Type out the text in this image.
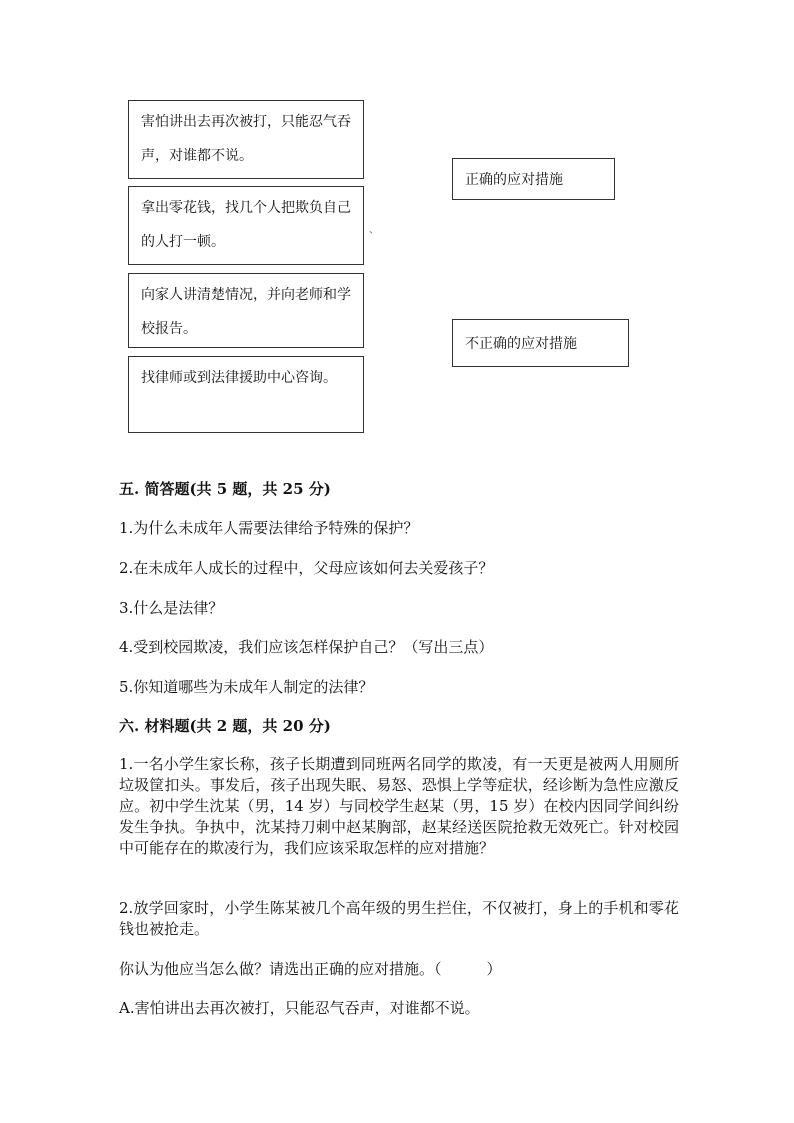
害怕讲出去再次被打，只能忍气吞声，对谁都不说。
拿出零花钱，找几个人把欺负自己的人打一顿。
向家人讲清楚情况，并向老师和学校报告。
找律师或到法律援助中心咨询。
、
正确的应对措施
不正确的应对措施
五. 简答题(共 5 题，共 25 分)
1.为什么未成年人需要法律给予特殊的保护？
2.在未成年人成长的过程中，父母应该如何去关爱孩子？
3.什么是法律？
4.受到校园欺凌，我们应该怎样保护自己？（写出三点）
5.你知道哪些为未成年人制定的法律？
六. 材料题(共 2 题，共 20 分)
1.一名小学生家长称，孩子长期遭到同班两名同学的欺凌，有一天更是被两人用厕所垃圾筐扣头。事发后，孩子出现失眠、易怒、恐惧上学等症状，经诊断为急性应激反应。初中学生沈某（男，14 岁）与同校学生赵某（男，15 岁）在校内因同学间纠纷发生争执。争执中，沈某持刀刺中赵某胸部，赵某经送医院抢救无效死亡。针对校园中可能存在的欺凌行为，我们应该采取怎样的应对措施？
2.放学回家时，小学生陈某被几个高年级的男生拦住，不仅被打，身上的手机和零花钱也被抢走。
你认为他应当怎么做？请选出正确的应对措施。（　　　）
A.害怕讲出去再次被打，只能忍气吞声，对谁都不说。
